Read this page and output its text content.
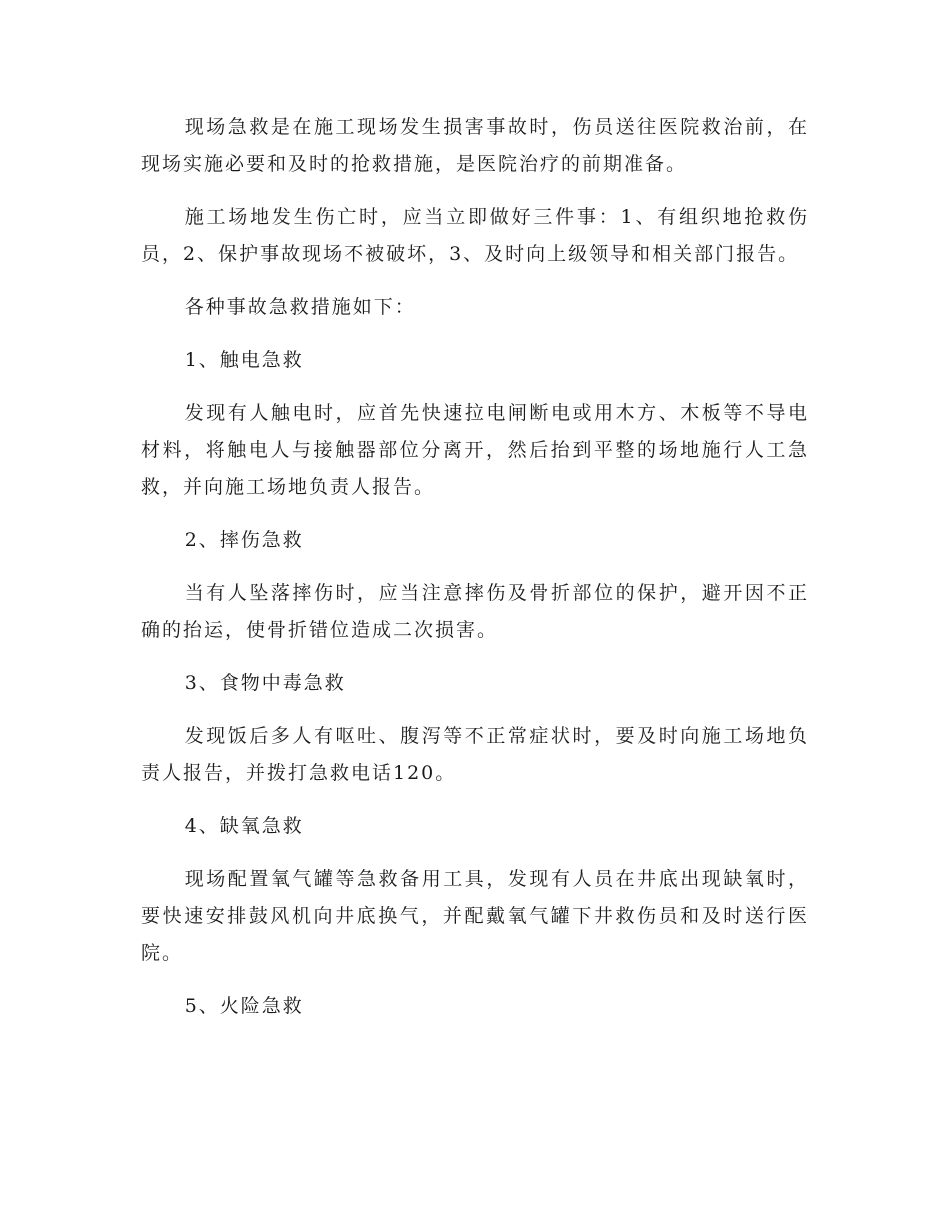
现场急救是在施工现场发生损害事故时，伤员送往医院救治前，在现场实施必要和及时的抢救措施，是医院治疗的前期准备。

施工场地发生伤亡时，应当立即做好三件事：1、有组织地抢救伤员，2、保护事故现场不被破坏，3、及时向上级领导和相关部门报告。

各种事故急救措施如下：

1、触电急救

发现有人触电时，应首先快速拉电闸断电或用木方、木板等不导电材料，将触电人与接触器部位分离开，然后抬到平整的场地施行人工急救，并向施工场地负责人报告。

2、摔伤急救

当有人坠落摔伤时，应当注意摔伤及骨折部位的保护，避开因不正确的抬运，使骨折错位造成二次损害。

3、食物中毒急救

发现饭后多人有呕吐、腹泻等不正常症状时，要及时向施工场地负责人报告，并拨打急救电话120。

4、缺氧急救

现场配置氧气罐等急救备用工具，发现有人员在井底出现缺氧时，要快速安排鼓风机向井底换气，并配戴氧气罐下井救伤员和及时送行医院。

5、火险急救
